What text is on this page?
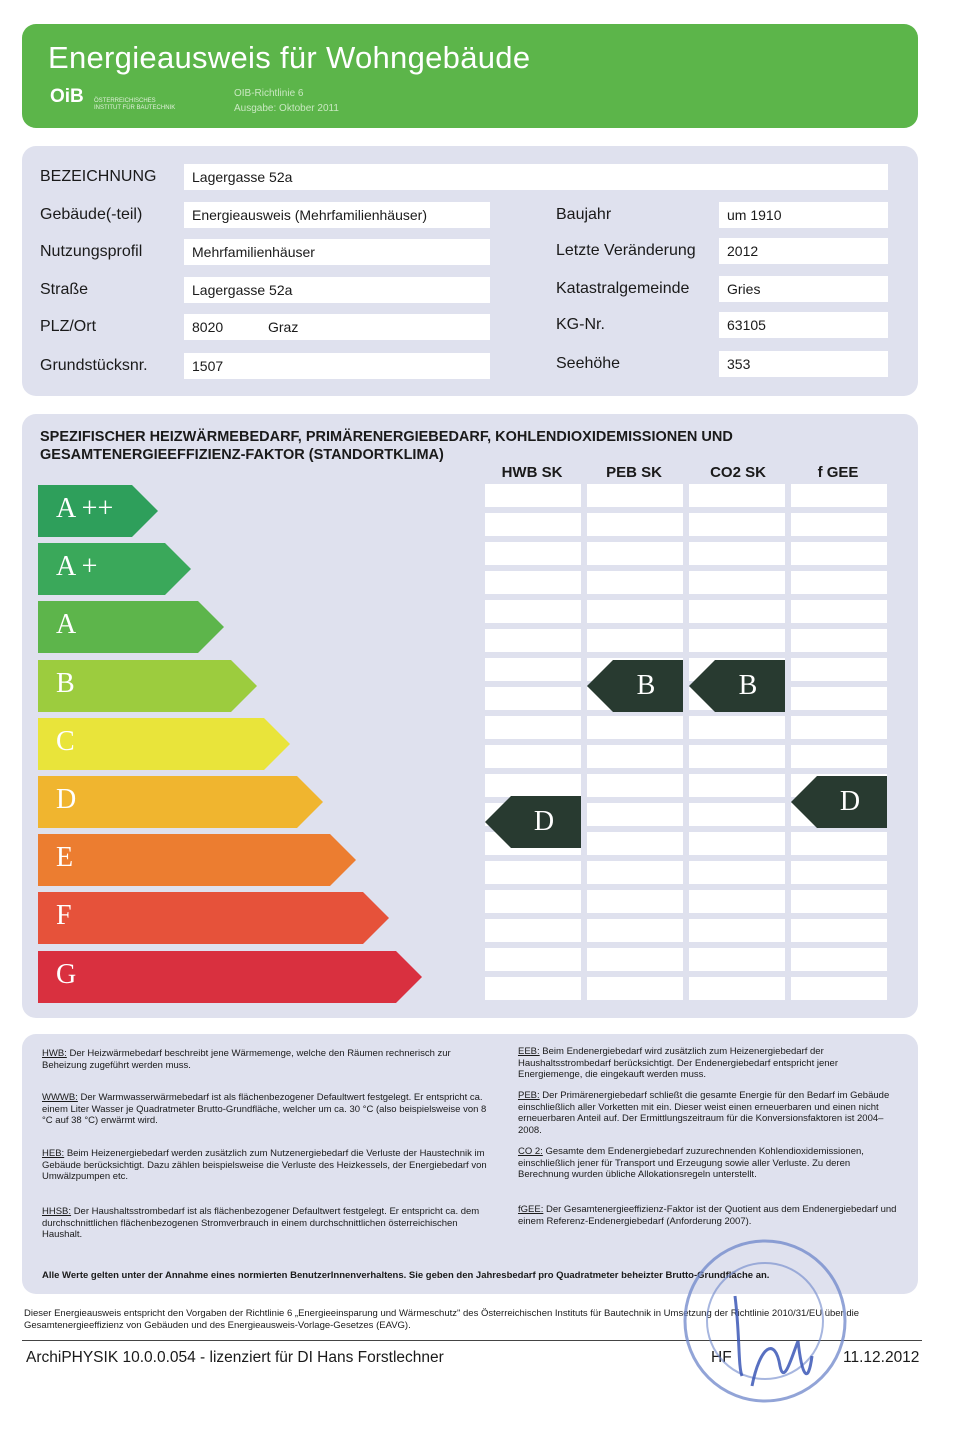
Energieausweis für Wohngebäude
OiB ÖSTERREICHISCHES INSTITUT FÜR BAUTECHNIK
OIB-Richtlinie 6
Ausgabe: Oktober 2011
BEZEICHNUNG	Lagergasse 52a
Gebäude(-teil)	Energieausweis (Mehrfamilienhäuser)
Nutzungsprofil	Mehrfamilienhäuser
Straße	Lagergasse 52a
PLZ/Ort	8020	Graz
Grundstücksnr.	1507
Baujahr	um 1910
Letzte Veränderung	2012
Katastralgemeinde	Gries
KG-Nr.	63105
Seehöhe	353
SPEZIFISCHER HEIZWÄRMEBEDARF, PRIMÄRENERGIEBEDARF, KOHLENDIOXIDEMISSIONEN UND
GESAMTENERGIEEFFIZIENZ-FAKTOR (STANDORTKLIMA)
HWB SK	PEB SK	CO2 SK	f GEE
A ++
A +
A
B
C
D
E
F
G
D
B	B
D
HWB: Der Heizwärmebedarf beschreibt jene Wärmemenge, welche den Räumen rechnerisch zur Beheizung zugeführt werden muss.
WWWB: Der Warmwasserwärmebedarf ist als flächenbezogener Defaultwert festgelegt. Er entspricht ca. einem Liter Wasser je Quadratmeter Brutto-Grundfläche, welcher um ca. 30 °C (also beispielsweise von 8 °C auf 38 °C) erwärmt wird.
HEB: Beim Heizenergiebedarf werden zusätzlich zum Nutzenergiebedarf die Verluste der Haustechnik im Gebäude berücksichtigt. Dazu zählen beispielsweise die Verluste des Heizkessels, der Energiebedarf von Umwälzpumpen etc.
HHSB: Der Haushaltsstrombedarf ist als flächenbezogener Defaultwert festgelegt. Er entspricht ca. dem durchschnittlichen flächenbezogenen Stromverbrauch in einem durchschnittlichen österreichischen Haushalt.
EEB: Beim Endenergiebedarf wird zusätzlich zum Heizenergiebedarf der Haushaltsstrombedarf berücksichtigt. Der Endenergiebedarf entspricht jener Energiemenge, die eingekauft werden muss.
PEB: Der Primärenergiebedarf schließt die gesamte Energie für den Bedarf im Gebäude einschließlich aller Vorketten mit ein. Dieser weist einen erneuerbaren und einen nicht erneuerbaren Anteil auf. Der Ermittlungszeitraum für die Konversionsfaktoren ist 2004–2008.
CO 2: Gesamte dem Endenergiebedarf zuzurechnenden Kohlendioxidemissionen, einschließlich jener für Transport und Erzeugung sowie aller Verluste. Zu deren Berechnung wurden übliche Allokationsregeln unterstellt.
fGEE: Der Gesamtenergieeffizienz-Faktor ist der Quotient aus dem Endenergiebedarf und einem Referenz-Endenergiebedarf (Anforderung 2007).
Alle Werte gelten unter der Annahme eines normierten BenutzerInnenverhaltens. Sie geben den Jahresbedarf pro Quadratmeter beheizter Brutto-Grundfläche an.
Dieser Energieausweis entspricht den Vorgaben der Richtlinie 6 „Energieeinsparung und Wärmeschutz" des Österreichischen Instituts für Bautechnik in Umsetzung der Richtlinie 2010/31/EU über die Gesamtenergieeffizienz von Gebäuden und des Energieausweis-Vorlage-Gesetzes (EAVG).
ArchiPHYSIK 10.0.0.054 - lizenziert für DI Hans Forstlechner	HF	11.12.2012
